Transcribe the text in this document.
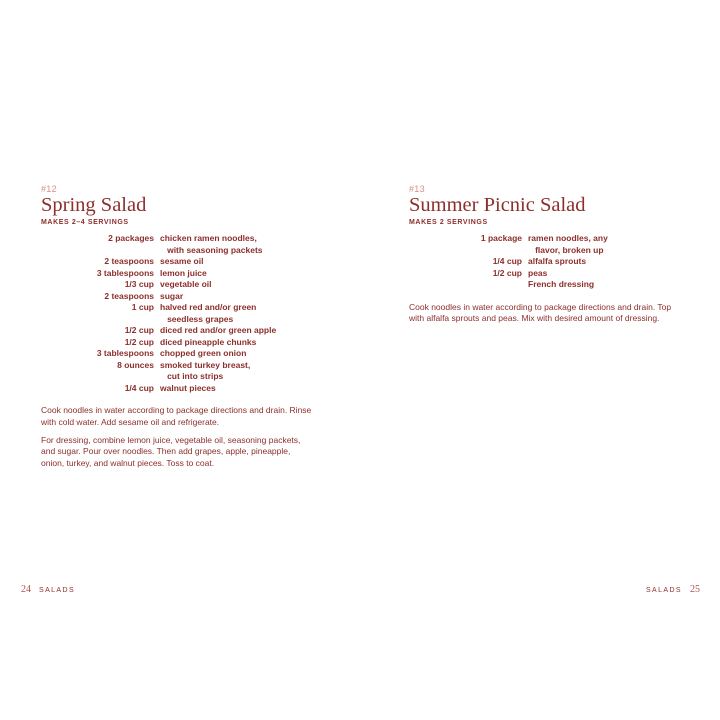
#12
Spring Salad
MAKES 2–4 SERVINGS
2 packages chicken ramen noodles,
with seasoning packets
2 teaspoons sesame oil
3 tablespoons lemon juice
1/3 cup vegetable oil
2 teaspoons sugar
1 cup halved red and/or green
seedless grapes
1/2 cup diced red and/or green apple
1/2 cup diced pineapple chunks
3 tablespoons chopped green onion
8 ounces smoked turkey breast,
cut into strips
1/4 cup walnut pieces
Cook noodles in water according to package directions and drain. Rinse with cold water. Add sesame oil and refrigerate.
For dressing, combine lemon juice, vegetable oil, seasoning packets, and sugar. Pour over noodles. Then add grapes, apple, pineapple, onion, turkey, and walnut pieces. Toss to coat.
24 SALADS
#13
Summer Picnic Salad
MAKES 2 SERVINGS
1 package ramen noodles, any
flavor, broken up
1/4 cup alfalfa sprouts
1/2 cup peas
French dressing
Cook noodles in water according to package directions and drain. Top with alfalfa sprouts and peas. Mix with desired amount of dressing.
SALADS 25
